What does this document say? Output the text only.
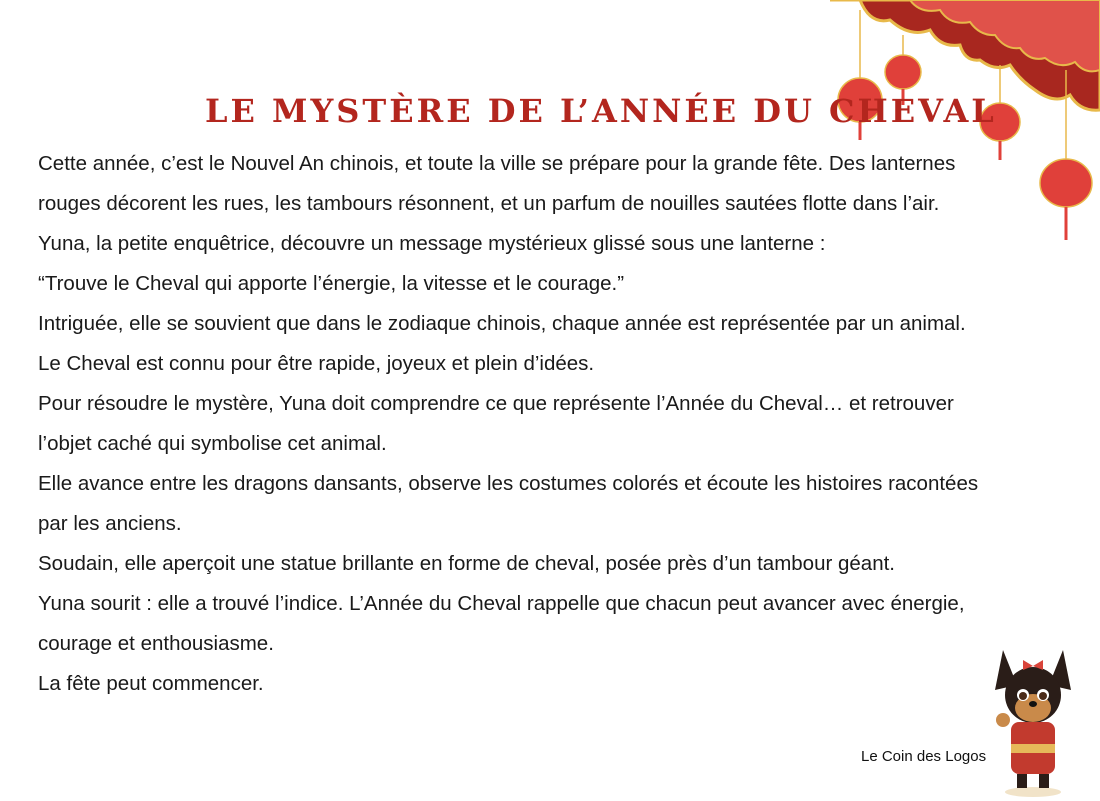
LE MYSTÈRE DE L’ANNÉE DU CHEVAL

Cette année, c’est le Nouvel An chinois, et toute la ville se prépare pour la grande fête. Des lanternes rouges décorent les rues, les tambours résonnent, et un parfum de nouilles sautées flotte dans l’air.

Yuna, la petite enquêtrice, découvre un message mystérieux glissé sous une lanterne :

“Trouve le Cheval qui apporte l’énergie, la vitesse et le courage.”

Intriguée, elle se souvient que dans le zodiaque chinois, chaque année est représentée par un animal. Le Cheval est connu pour être rapide, joyeux et plein d’idées.

Pour résoudre le mystère, Yuna doit comprendre ce que représente l’Année du Cheval… et retrouver l’objet caché qui symbolise cet animal.

Elle avance entre les dragons dansants, observe les costumes colorés et écoute les histoires racontées par les anciens.

Soudain, elle aperçoit une statue brillante en forme de cheval, posée près d’un tambour géant.

Yuna sourit : elle a trouvé l’indice. L’Année du Cheval rappelle que chacun peut avancer avec énergie, courage et enthousiasme.

La fête peut commencer.

Le Coin des Logos
